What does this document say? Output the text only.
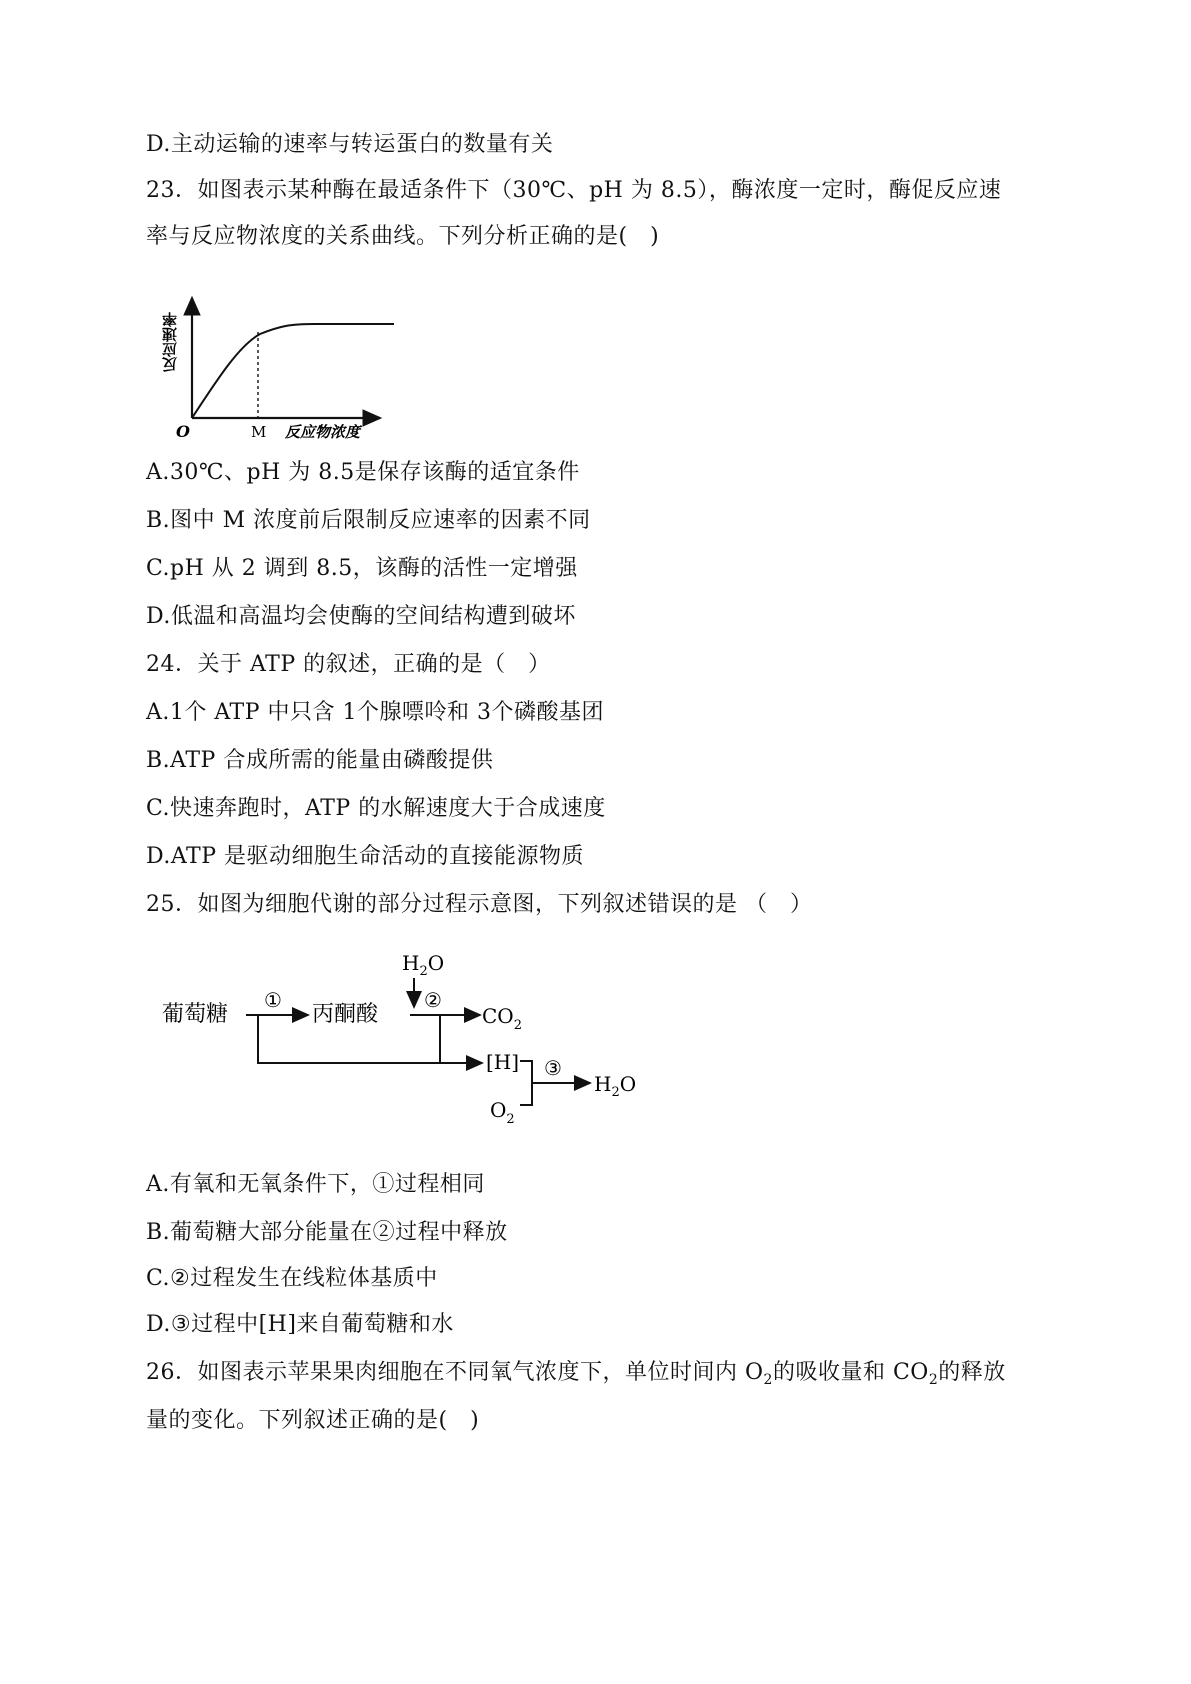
D.主动运输的速率与转运蛋白的数量有关
23．如图表示某种酶在最适条件下（30℃、pH 为 8.5），酶浓度一定时，酶促反应速
率与反应物浓度的关系曲线。下列分析正确的是(　)
反应速率
O	M 反应物浓度
A.30℃、pH 为 8.5是保存该酶的适宜条件
B.图中 M 浓度前后限制反应速率的因素不同
C.pH 从 2 调到 8.5，该酶的活性一定增强
D.低温和高温均会使酶的空间结构遭到破坏
24．关于 ATP 的叙述，正确的是（　）
A.1个 ATP 中只含 1个腺嘌呤和 3个磷酸基团
B.ATP 合成所需的能量由磷酸提供
C.快速奔跑时，ATP 的水解速度大于合成速度
D.ATP 是驱动细胞生命活动的直接能源物质
25．如图为细胞代谢的部分过程示意图，下列叙述错误的是 （　）
葡萄糖
①
丙酮酸
$H_2O$
②
$CO_2$
[H]
$O_2$
③
$H_2O$
A.有氧和无氧条件下，①过程相同
B.葡萄糖大部分能量在②过程中释放
C.②过程发生在线粒体基质中
D.③过程中[H]来自葡萄糖和水
26．如图表示苹果果肉细胞在不同氧气浓度下，单位时间内 $O_2$的吸收量和 $CO_2$的释放
量的变化。下列叙述正确的是(　)
